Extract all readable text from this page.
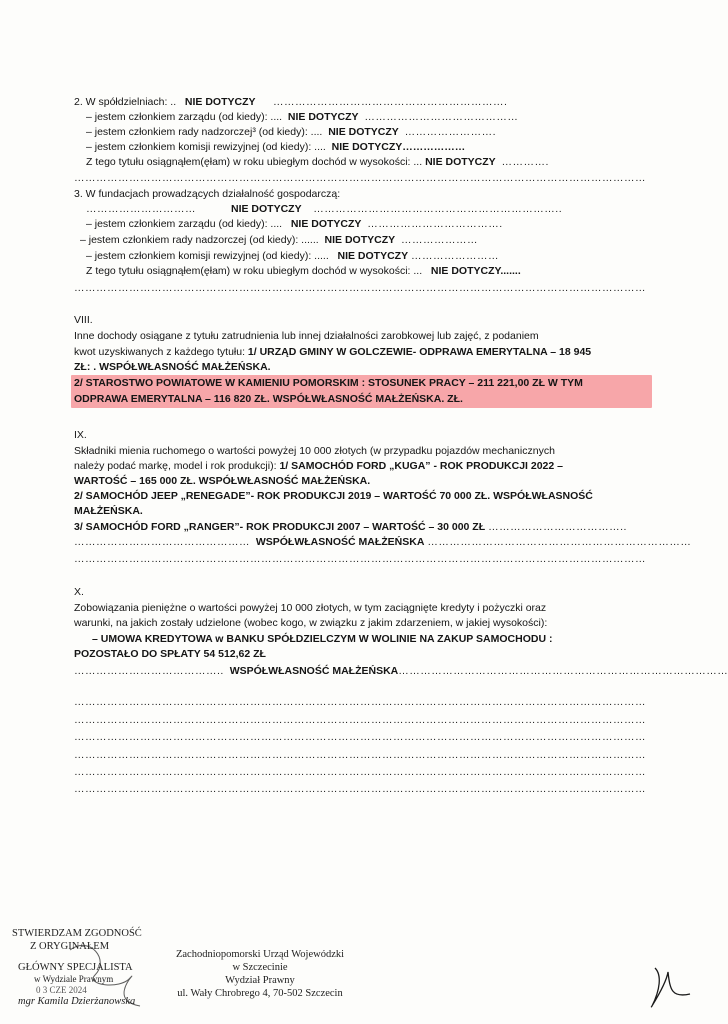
2. W spółdzielniach: .. NIE DOTYCZY ……………………………………………………….
– jestem członkiem zarządu (od kiedy): .... NIE DOTYCZY ……………………………………
– jestem członkiem rady nadzorczej³ (od kiedy): .... NIE DOTYCZY …………………….
– jestem członkiem komisji rewizyjnej (od kiedy): .... NIE DOTYCZY………………
Z tego tytułu osiągnąłem(ęłam) w roku ubiegłym dochód w wysokości: ... NIE DOTYCZY ………….
…………………………………………………………………………………………………………………………………………
3. W fundacjach prowadzących działalność gospodarczą:
…………………………	NIE DOTYCZY …………………………………………………………..
– jestem członkiem zarządu (od kiedy): .... NIE DOTYCZY ……………………………….
– jestem członkiem rady nadzorczej (od kiedy): ...... NIE DOTYCZY …………………
– jestem członkiem komisji rewizyjnej (od kiedy): ..... NIE DOTYCZY ……………………
Z tego tytułu osiągnąłem(ęłam) w roku ubiegłym dochód w wysokości: ... NIE DOTYCZY.......
…………………………………………………………………………………………………………………………………………
VIII.
Inne dochody osiągane z tytułu zatrudnienia lub innej działalności zarobkowej lub zajęć, z podaniem
kwot uzyskiwanych z każdego tytułu: 1/ URZĄD GMINY W GOLCZEWIE- ODPRAWA EMERYTALNA – 18 945
ZŁ: . WSPÓŁWŁASNOŚĆ MAŁŻEŃSKA.
2/ STAROSTWO POWIATOWE W KAMIENIU POMORSKIM : STOSUNEK PRACY – 211 221,00 ZŁ W TYM
ODPRAWA EMERYTALNA – 116 820 ZŁ. WSPÓŁWŁASNOŚĆ MAŁŻEŃSKA. ZŁ.
IX.
Składniki mienia ruchomego o wartości powyżej 10 000 złotych (w przypadku pojazdów mechanicznych
należy podać markę, model i rok produkcji): 1/ SAMOCHÓD FORD „KUGA” - ROK PRODUKCJI 2022 –
WARTOŚĆ – 165 000 ZŁ. WSPÓŁWŁASNOŚĆ MAŁŻEŃSKA.
2/ SAMOCHÓD JEEP „RENEGADE”- ROK PRODUKCJI 2019 – WARTOŚĆ 70 000 ZŁ. WSPÓŁWŁASNOŚĆ
MAŁŻEŃSKA.
3/ SAMOCHÓD FORD „RANGER”- ROK PRODUKCJI 2007 – WARTOŚĆ – 30 000 ZŁ ………………………………..
………………………………………… WSPÓŁWŁASNOŚĆ MAŁŻEŃSKA ………………………………………………………………
…………………………………………………………………………………………………………………………………………
X.
Zobowiązania pieniężne o wartości powyżej 10 000 złotych, w tym zaciągnięte kredyty i pożyczki oraz
warunki, na jakich zostały udzielone (wobec kogo, w związku z jakim zdarzeniem, w jakiej wysokości):
– UMOWA KREDYTOWA w BANKU SPÓŁDZIELCZYM W WOLINIE NA ZAKUP SAMOCHODU :
POZOSTAŁO DO SPŁATY 54 512,62 ZŁ
………………………………….. WSPÓŁWŁASNOŚĆ MAŁŻEŃSKA………………………………………………………………………………
…………………………………………………………………………………………………………………………………………
…………………………………………………………………………………………………………………………………………
…………………………………………………………………………………………………………………………………………
…………………………………………………………………………………………………………………………………………
…………………………………………………………………………………………………………………………………………
…………………………………………………………………………………………………………………………………………
STWIERDZAM ZGODNOŚĆ
Z ORYGINAŁEM
GŁÓWNY SPECJALISTA
w Wydziale Prawnym
0 3 CZE 2024
mgr Kamila Dzierżanowska
Zachodniopomorski Urząd Wojewódzki
w Szczecinie
Wydział Prawny
ul. Wały Chrobrego 4, 70-502 Szczecin
